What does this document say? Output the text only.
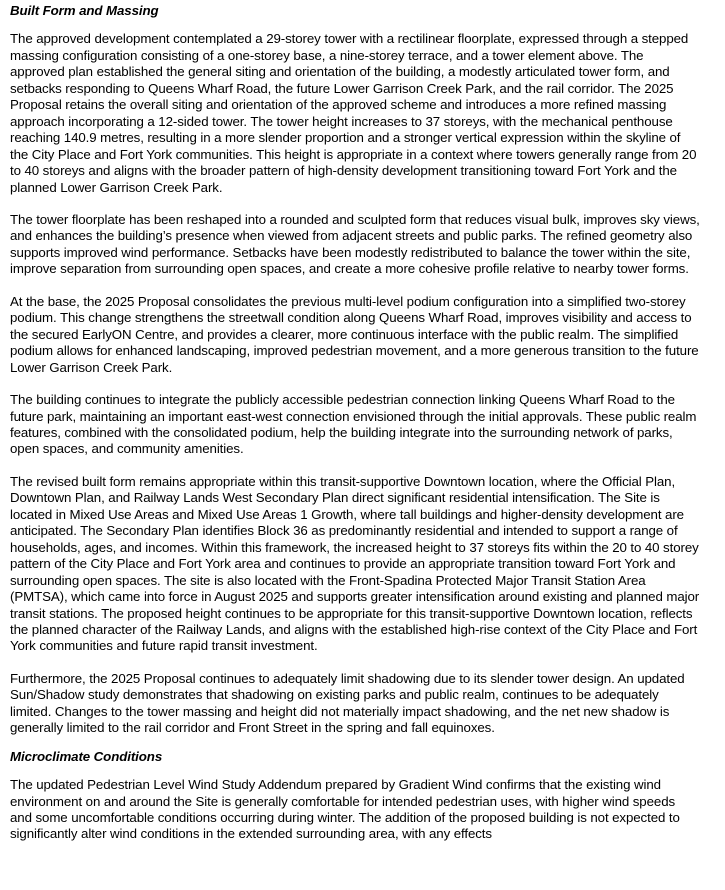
Built Form and Massing

The approved development contemplated a 29-storey tower with a rectilinear floorplate, expressed through a stepped massing configuration consisting of a one-storey base, a nine-storey terrace, and a tower element above. The approved plan established the general siting and orientation of the building, a modestly articulated tower form, and setbacks responding to Queens Wharf Road, the future Lower Garrison Creek Park, and the rail corridor. The 2025 Proposal retains the overall siting and orientation of the approved scheme and introduces a more refined massing approach incorporating a 12-sided tower. The tower height increases to 37 storeys, with the mechanical penthouse reaching 140.9 metres, resulting in a more slender proportion and a stronger vertical expression within the skyline of the City Place and Fort York communities. This height is appropriate in a context where towers generally range from 20 to 40 storeys and aligns with the broader pattern of high-density development transitioning toward Fort York and the planned Lower Garrison Creek Park.

The tower floorplate has been reshaped into a rounded and sculpted form that reduces visual bulk, improves sky views, and enhances the building’s presence when viewed from adjacent streets and public parks. The refined geometry also supports improved wind performance. Setbacks have been modestly redistributed to balance the tower within the site, improve separation from surrounding open spaces, and create a more cohesive profile relative to nearby tower forms.

At the base, the 2025 Proposal consolidates the previous multi-level podium configuration into a simplified two-storey podium. This change strengthens the streetwall condition along Queens Wharf Road, improves visibility and access to the secured EarlyON Centre, and provides a clearer, more continuous interface with the public realm. The simplified podium allows for enhanced landscaping, improved pedestrian movement, and a more generous transition to the future Lower Garrison Creek Park.

The building continues to integrate the publicly accessible pedestrian connection linking Queens Wharf Road to the future park, maintaining an important east-west connection envisioned through the initial approvals. These public realm features, combined with the consolidated podium, help the building integrate into the surrounding network of parks, open spaces, and community amenities.

The revised built form remains appropriate within this transit-supportive Downtown location, where the Official Plan, Downtown Plan, and Railway Lands West Secondary Plan direct significant residential intensification. The Site is located in Mixed Use Areas and Mixed Use Areas 1 Growth, where tall buildings and higher-density development are anticipated. The Secondary Plan identifies Block 36 as predominantly residential and intended to support a range of households, ages, and incomes. Within this framework, the increased height to 37 storeys fits within the 20 to 40 storey pattern of the City Place and Fort York area and continues to provide an appropriate transition toward Fort York and surrounding open spaces. The site is also located with the Front-Spadina Protected Major Transit Station Area (PMTSA), which came into force in August 2025 and supports greater intensification around existing and planned major transit stations. The proposed height continues to be appropriate for this transit-supportive Downtown location, reflects the planned character of the Railway Lands, and aligns with the established high-rise context of the City Place and Fort York communities and future rapid transit investment.

Furthermore, the 2025 Proposal continues to adequately limit shadowing due to its slender tower design. An updated Sun/Shadow study demonstrates that shadowing on existing parks and public realm, continues to be adequately limited. Changes to the tower massing and height did not materially impact shadowing, and the net new shadow is generally limited to the rail corridor and Front Street in the spring and fall equinoxes.

Microclimate Conditions

The updated Pedestrian Level Wind Study Addendum prepared by Gradient Wind confirms that the existing wind environment on and around the Site is generally comfortable for intended pedestrian uses, with higher wind speeds and some uncomfortable conditions occurring during winter. The addition of the proposed building is not expected to significantly alter wind conditions in the extended surrounding area, with any effects
